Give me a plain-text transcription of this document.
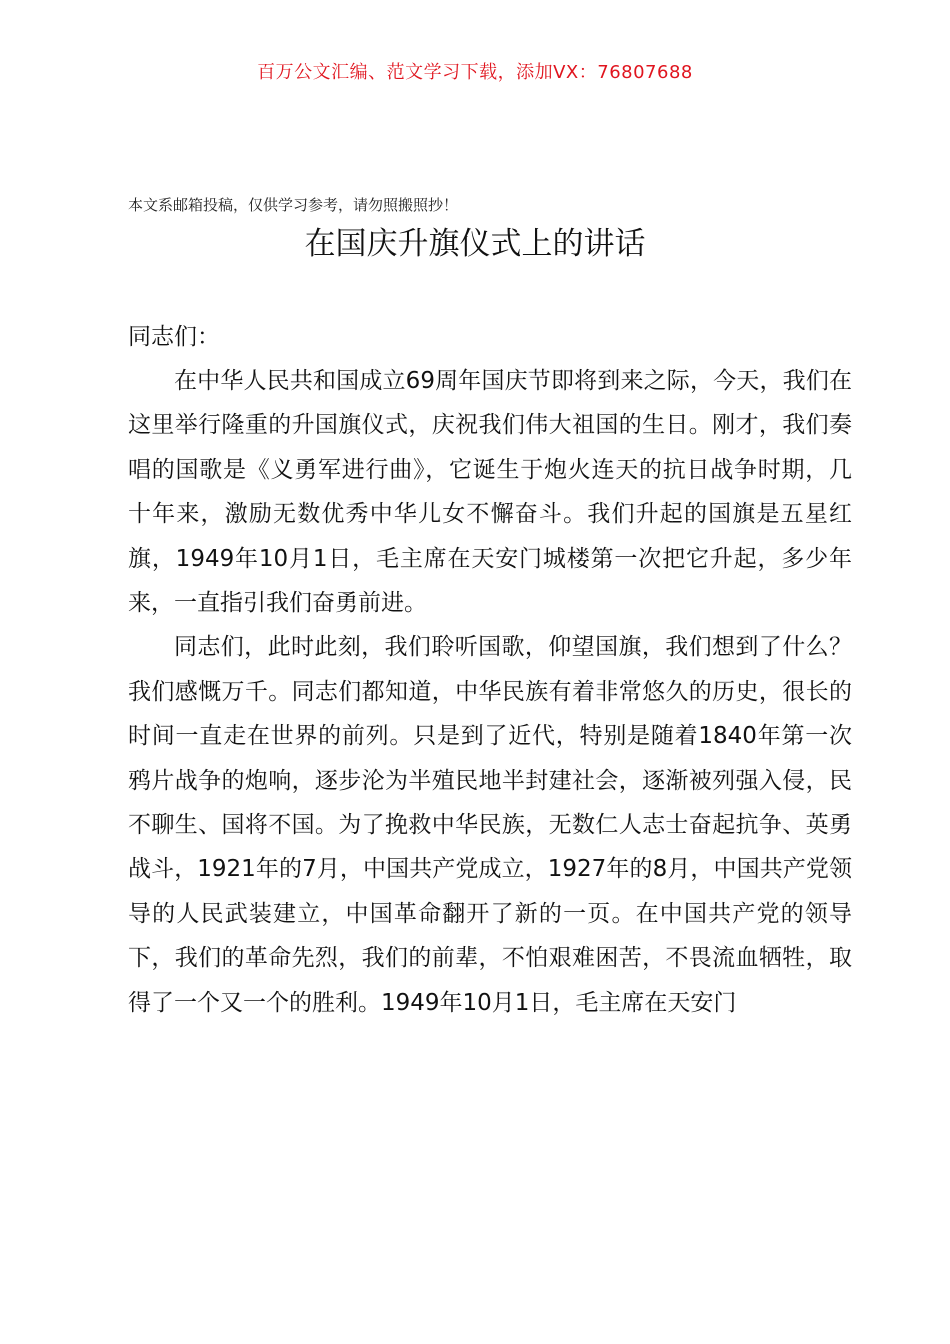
百万公文汇编、范文学习下载，添加VX：76807688
本文系邮箱投稿，仅供学习参考，请勿照搬照抄！
在国庆升旗仪式上的讲话
同志们：

在中华人民共和国成立69周年国庆节即将到来之际，今天，我们在这里举行隆重的升国旗仪式，庆祝我们伟大祖国的生日。刚才，我们奏唱的国歌是《义勇军进行曲》，它诞生于炮火连天的抗日战争时期，几十年来，激励无数优秀中华儿女不懈奋斗。我们升起的国旗是五星红旗，1949年10月1日，毛主席在天安门城楼第一次把它升起，多少年来，一直指引我们奋勇前进。

同志们，此时此刻，我们聆听国歌，仰望国旗，我们想到了什么？我们感慨万千。同志们都知道，中华民族有着非常悠久的历史，很长的时间一直走在世界的前列。只是到了近代，特别是随着1840年第一次鸦片战争的炮响，逐步沦为半殖民地半封建社会，逐渐被列强入侵，民不聊生、国将不国。为了挽救中华民族，无数仁人志士奋起抗争、英勇战斗，1921年的7月，中国共产党成立，1927年的8月，中国共产党领导的人民武装建立，中国革命翻开了新的一页。在中国共产党的领导下，我们的革命先烈，我们的前辈，不怕艰难困苦，不畏流血牺牲，取得了一个又一个的胜利。1949年10月1日，毛主席在天安门
